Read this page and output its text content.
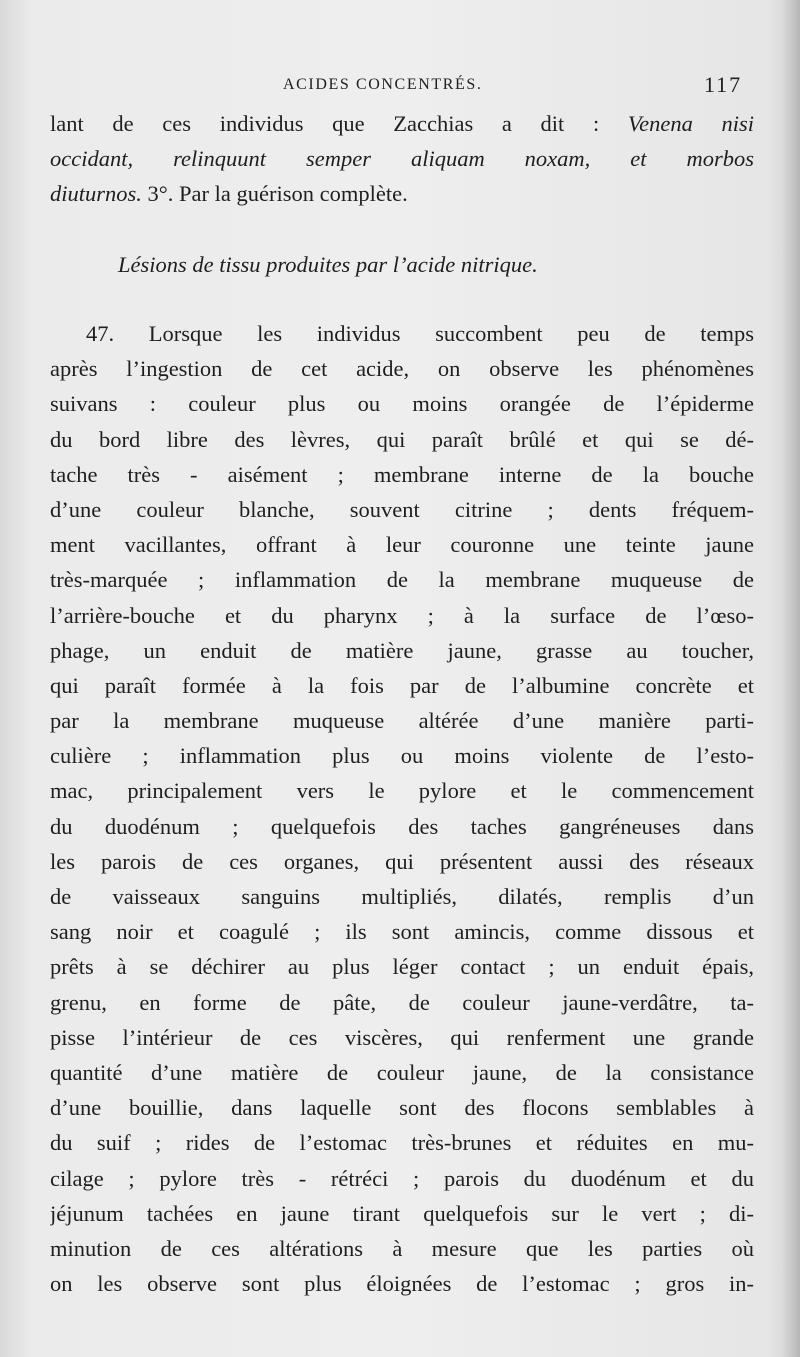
ACIDES CONCENTRÉS.	117
lant de ces individus que Zacchias a dit : Venena nisi
occidant, relinquunt semper aliquam noxam, et morbos
diuturnos. 3°. Par la guérison complète.
Lésions de tissu produites par l’acide nitrique.
47. Lorsque les individus succombent peu de temps
après l’ingestion de cet acide, on observe les phénomènes
suivans : couleur plus ou moins orangée de l’épiderme
du bord libre des lèvres, qui paraît brûlé et qui se dé-
tache très - aisément ; membrane interne de la bouche
d’une couleur blanche, souvent citrine ; dents fréquem-
ment vacillantes, offrant à leur couronne une teinte jaune
très-marquée ; inflammation de la membrane muqueuse de
l’arrière-bouche et du pharynx ; à la surface de l’œso-
phage, un enduit de matière jaune, grasse au toucher,
qui paraît formée à la fois par de l’albumine concrète et
par la membrane muqueuse altérée d’une manière parti-
culière ; inflammation plus ou moins violente de l’esto-
mac, principalement vers le pylore et le commencement
du duodénum ; quelquefois des taches gangréneuses dans
les parois de ces organes, qui présentent aussi des réseaux
de vaisseaux sanguins multipliés, dilatés, remplis d’un
sang noir et coagulé ; ils sont amincis, comme dissous et
prêts à se déchirer au plus léger contact ; un enduit épais,
grenu, en forme de pâte, de couleur jaune-verdâtre, ta-
pisse l’intérieur de ces viscères, qui renferment une grande
quantité d’une matière de couleur jaune, de la consistance
d’une bouillie, dans laquelle sont des flocons semblables à
du suif ; rides de l’estomac très-brunes et réduites en mu-
cilage ; pylore très - rétréci ; parois du duodénum et du
jéjunum tachées en jaune tirant quelquefois sur le vert ; di-
minution de ces altérations à mesure que les parties où
on les observe sont plus éloignées de l’estomac ; gros in-
